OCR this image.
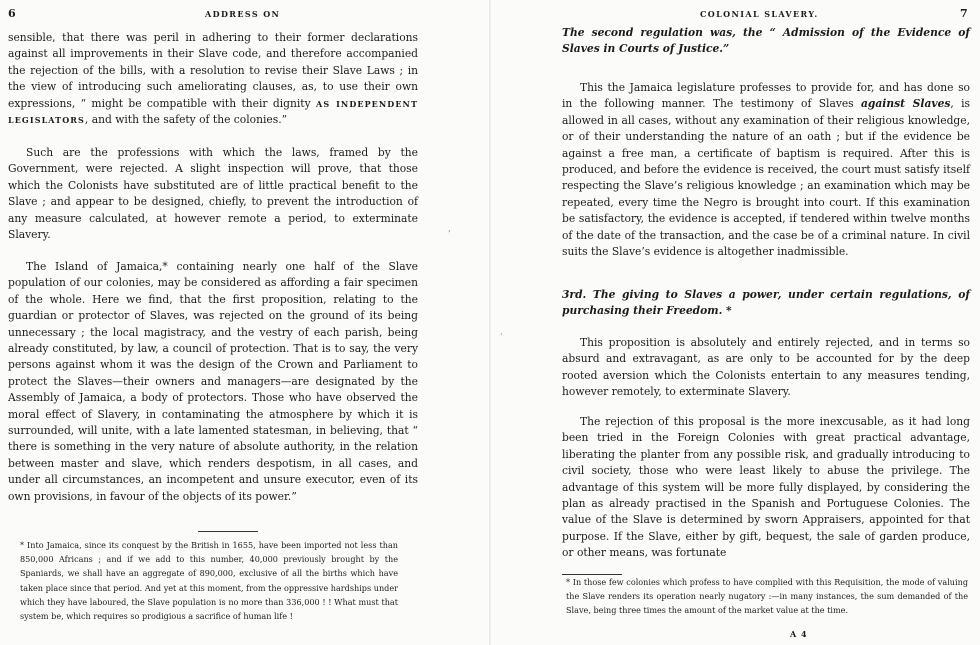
6	ADDRESS ON

sensible, that there was peril in adhering to their former declarations against all improvements in their Slave code, and therefore accompanied the rejection of the bills, with a resolution to revise their Slave Laws ; in the view of introducing such ameliorating clauses, as, to use their own expressions, “ might be compatible with their dignity AS INDEPENDENT LEGISLATORS, and with the safety of the colonies.”

Such are the professions with which the laws, framed by the Government, were rejected. A slight inspection will prove, that those which the Colonists have substituted are of little practical benefit to the Slave ; and appear to be designed, chiefly, to prevent the introduction of any measure calculated, at however remote a period, to exterminate Slavery.

The Island of Jamaica,* containing nearly one half of the Slave population of our colonies, may be considered as affording a fair specimen of the whole. Here we find, that the first proposition, relating to the guardian or protector of Slaves, was rejected on the ground of its being unnecessary ; the local magistracy, and the vestry of each parish, being already constituted, by law, a council of protection. That is to say, the very persons against whom it was the design of the Crown and Parliament to protect the Slaves—their owners and managers—are designated by the Assembly of Jamaica, a body of protectors. Those who have observed the moral effect of Slavery, in contaminating the atmosphere by which it is surrounded, will unite, with a late lamented statesman, in believing, that “ there is something in the very nature of absolute authority, in the relation between master and slave, which renders despotism, in all cases, and under all circumstances, an incompetent and unsure executor, even of its own provisions, in favour of the objects of its power.”

* Into Jamaica, since its conquest by the British in 1655, have been imported not less than 850,000 Africans ; and if we add to this number, 40,000 previously brought by the Spaniards, we shall have an aggregate of 890,000, exclusive of all the births which have taken place since that period. And yet at this moment, from the oppressive hardships under which they have laboured, the Slave population is no more than 336,000 ! ! What must that system be, which requires so prodigious a sacrifice of human life !

,
COLONIAL SLAVERY.	7

The second regulation was, the “ Admission of the Evidence of Slaves in Courts of Justice.”

This the Jamaica legislature professes to provide for, and has done so in the following manner. The testimony of Slaves against Slaves, is allowed in all cases, without any examination of their religious knowledge, or of their understanding the nature of an oath ; but if the evidence be against a free man, a certificate of baptism is required. After this is produced, and before the evidence is received, the court must satisfy itself respecting the Slave’s religious knowledge ; an examination which may be repeated, every time the Negro is brought into court. If this examination be satisfactory, the evidence is accepted, if tendered within twelve months of the date of the transaction, and the case be of a criminal nature. In civil suits the Slave’s evidence is altogether inadmissible.

3rd. The giving to Slaves a power, under certain regulations, of purchasing their Freedom. *

This proposition is absolutely and entirely rejected, and in terms so absurd and extravagant, as are only to be accounted for by the deep rooted aversion which the Colonists entertain to any measures tending, however remotely, to exterminate Slavery.

The rejection of this proposal is the more inexcusable, as it had long been tried in the Foreign Colonies with great practical advantage, liberating the planter from any possible risk, and gradually introducing to civil society, those who were least likely to abuse the privilege. The advantage of this system will be more fully displayed, by considering the plan as already practised in the Spanish and Portuguese Colonies. The value of the Slave is determined by sworn Appraisers, appointed for that purpose. If the Slave, either by gift, bequest, the sale of garden produce, or other means, was fortunate

* In those few colonies which profess to have complied with this Requisition, the mode of valuing the Slave renders its operation nearly nugatory :—in many instances, the sum demanded of the Slave, being three times the amount of the market value at the time.

A 4
·
